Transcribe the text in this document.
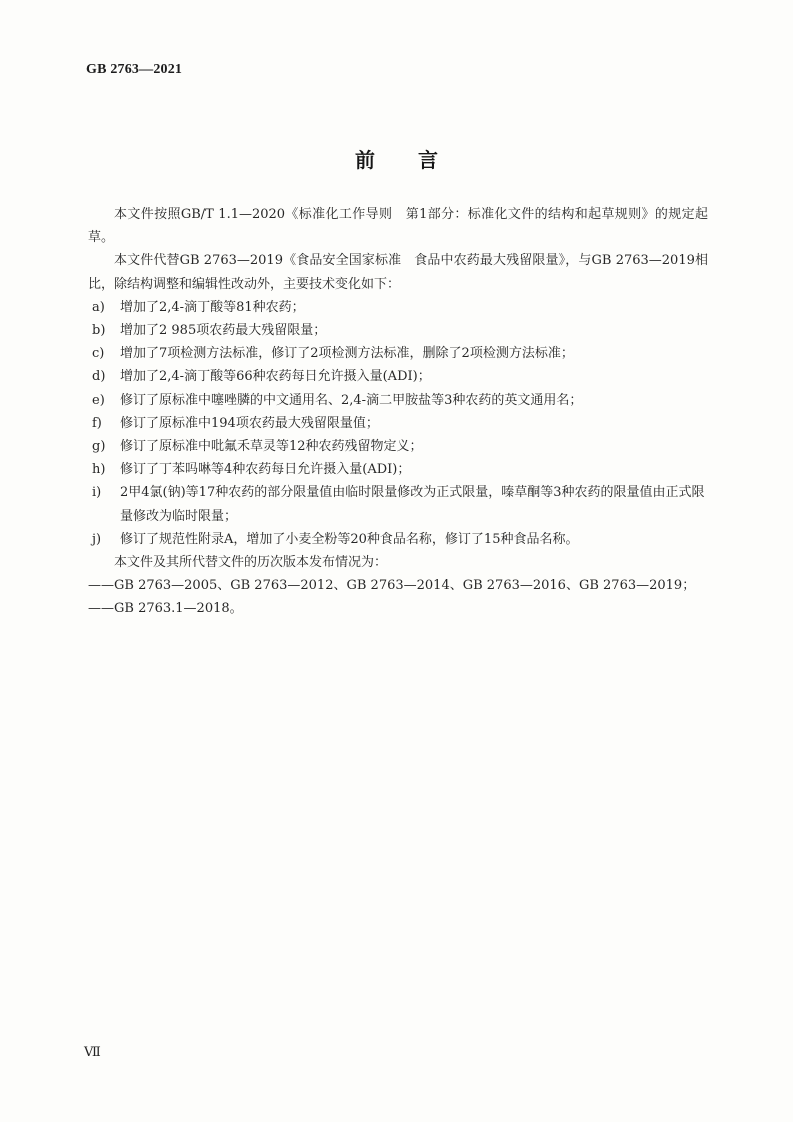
GB 2763—2021
前 言

本文件按照GB/T 1.1—2020《标准化工作导则　第1部分：标准化文件的结构和起草规则》的规定起草。

本文件代替GB 2763—2019《食品安全国家标准　食品中农药最大残留限量》，与GB 2763—2019相比，除结构调整和编辑性改动外，主要技术变化如下：

a)	增加了2,4-滴丁酸等81种农药；
b)	增加了2 985项农药最大残留限量；
c)	增加了7项检测方法标准，修订了2项检测方法标准，删除了2项检测方法标准；
d)	增加了2,4-滴丁酸等66种农药每日允许摄入量(ADI)；
e)	修订了原标准中噻唑膦的中文通用名、2,4-滴二甲胺盐等3种农药的英文通用名；
f)	修订了原标准中194项农药最大残留限量值；
g)	修订了原标准中吡氟禾草灵等12种农药残留物定义；
h)	修订了丁苯吗啉等4种农药每日允许摄入量(ADI)；
i)	2甲4氯(钠)等17种农药的部分限量值由临时限量修改为正式限量，嗪草酮等3种农药的限量值由正式限量修改为临时限量；
j)	修订了规范性附录A，增加了小麦全粉等20种食品名称，修订了15种食品名称。

本文件及其所代替文件的历次版本发布情况为：

——GB 2763—2005、GB 2763—2012、GB 2763—2014、GB 2763—2016、GB 2763—2019；

——GB 2763.1—2018。

Ⅶ
